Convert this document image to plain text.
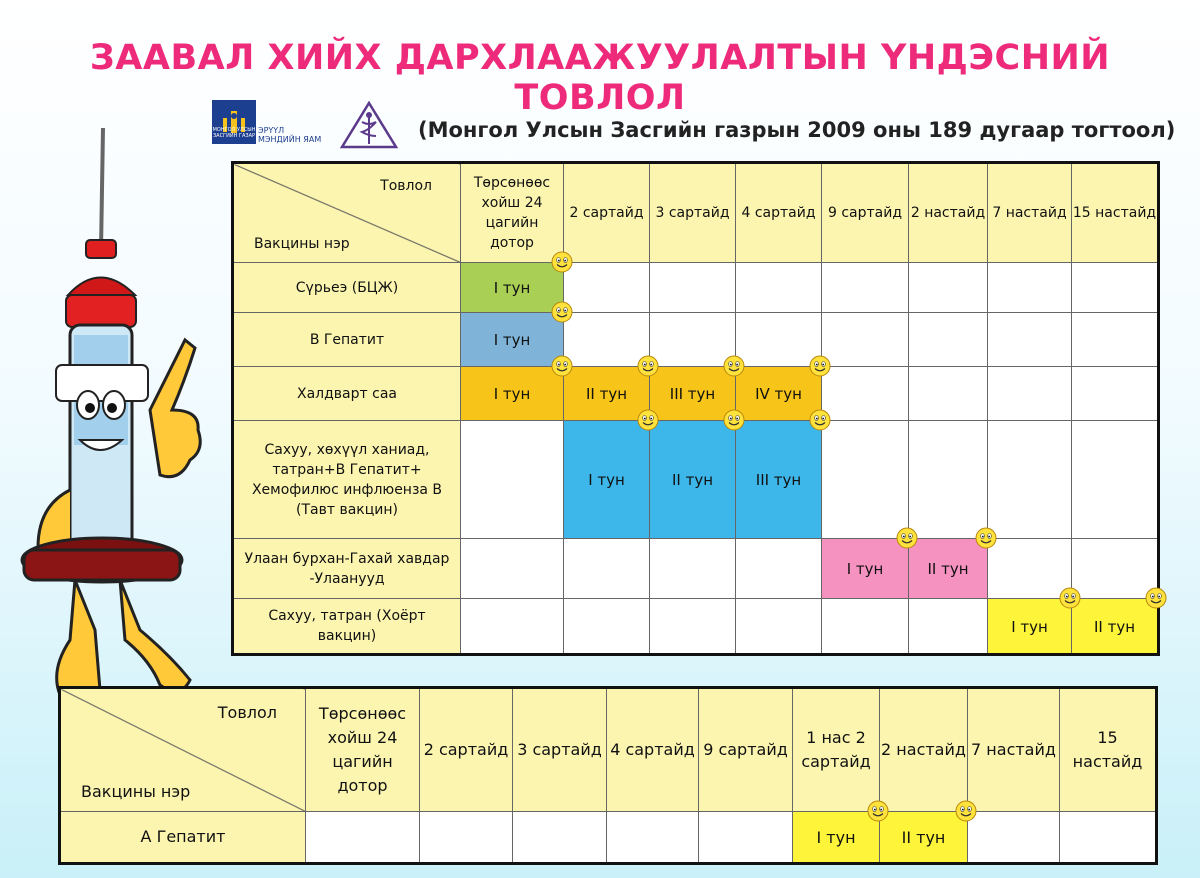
ЗААВАЛ ХИЙХ ДАРХЛААЖУУЛАЛТЫН ҮНДЭСНИЙ ТОВЛОЛ
МОНГОЛ УЛСЫН ЗАСГИЙН ГАЗАР
ЭРҮҮЛ
МЭНДИЙН ЯАМ	(Монгол Улсын Засгийн газрын 2009 оны 189 дугаар тогтоол)
Товлол
Вакцины нэр	Төрсөнөөс хойш 24 цагийн дотор	2 сартайд	3 сартайд	4 сартайд	9 сартайд	2 настайд	7 настайд	15 настайд
Сүрьеэ (БЦЖ)	I тун

В Гепатит	I тун

Халдварт саа	I тун	II тун	III тун	IV тун

Сахуу, хөхүүл ханиад, татран+В Гепатит+ Хемофилюс инфлюенза В (Тавт вакцин)		I тун	II тун	III тун

Улаан бурхан-Гахай хавдар -Улаанууд					I тун	II тун

Сахуу, татран (Хоёрт вакцин)							I тун	II тун
Товлол
Вакцины нэр	Төрсөнөөс хойш 24 цагийн дотор	2 сартайд	3 сартайд	4 сартайд	9 сартайд	1 нас 2 сартайд	2 настайд	7 настайд	15 настайд
А Гепатит						I тун	II тун
